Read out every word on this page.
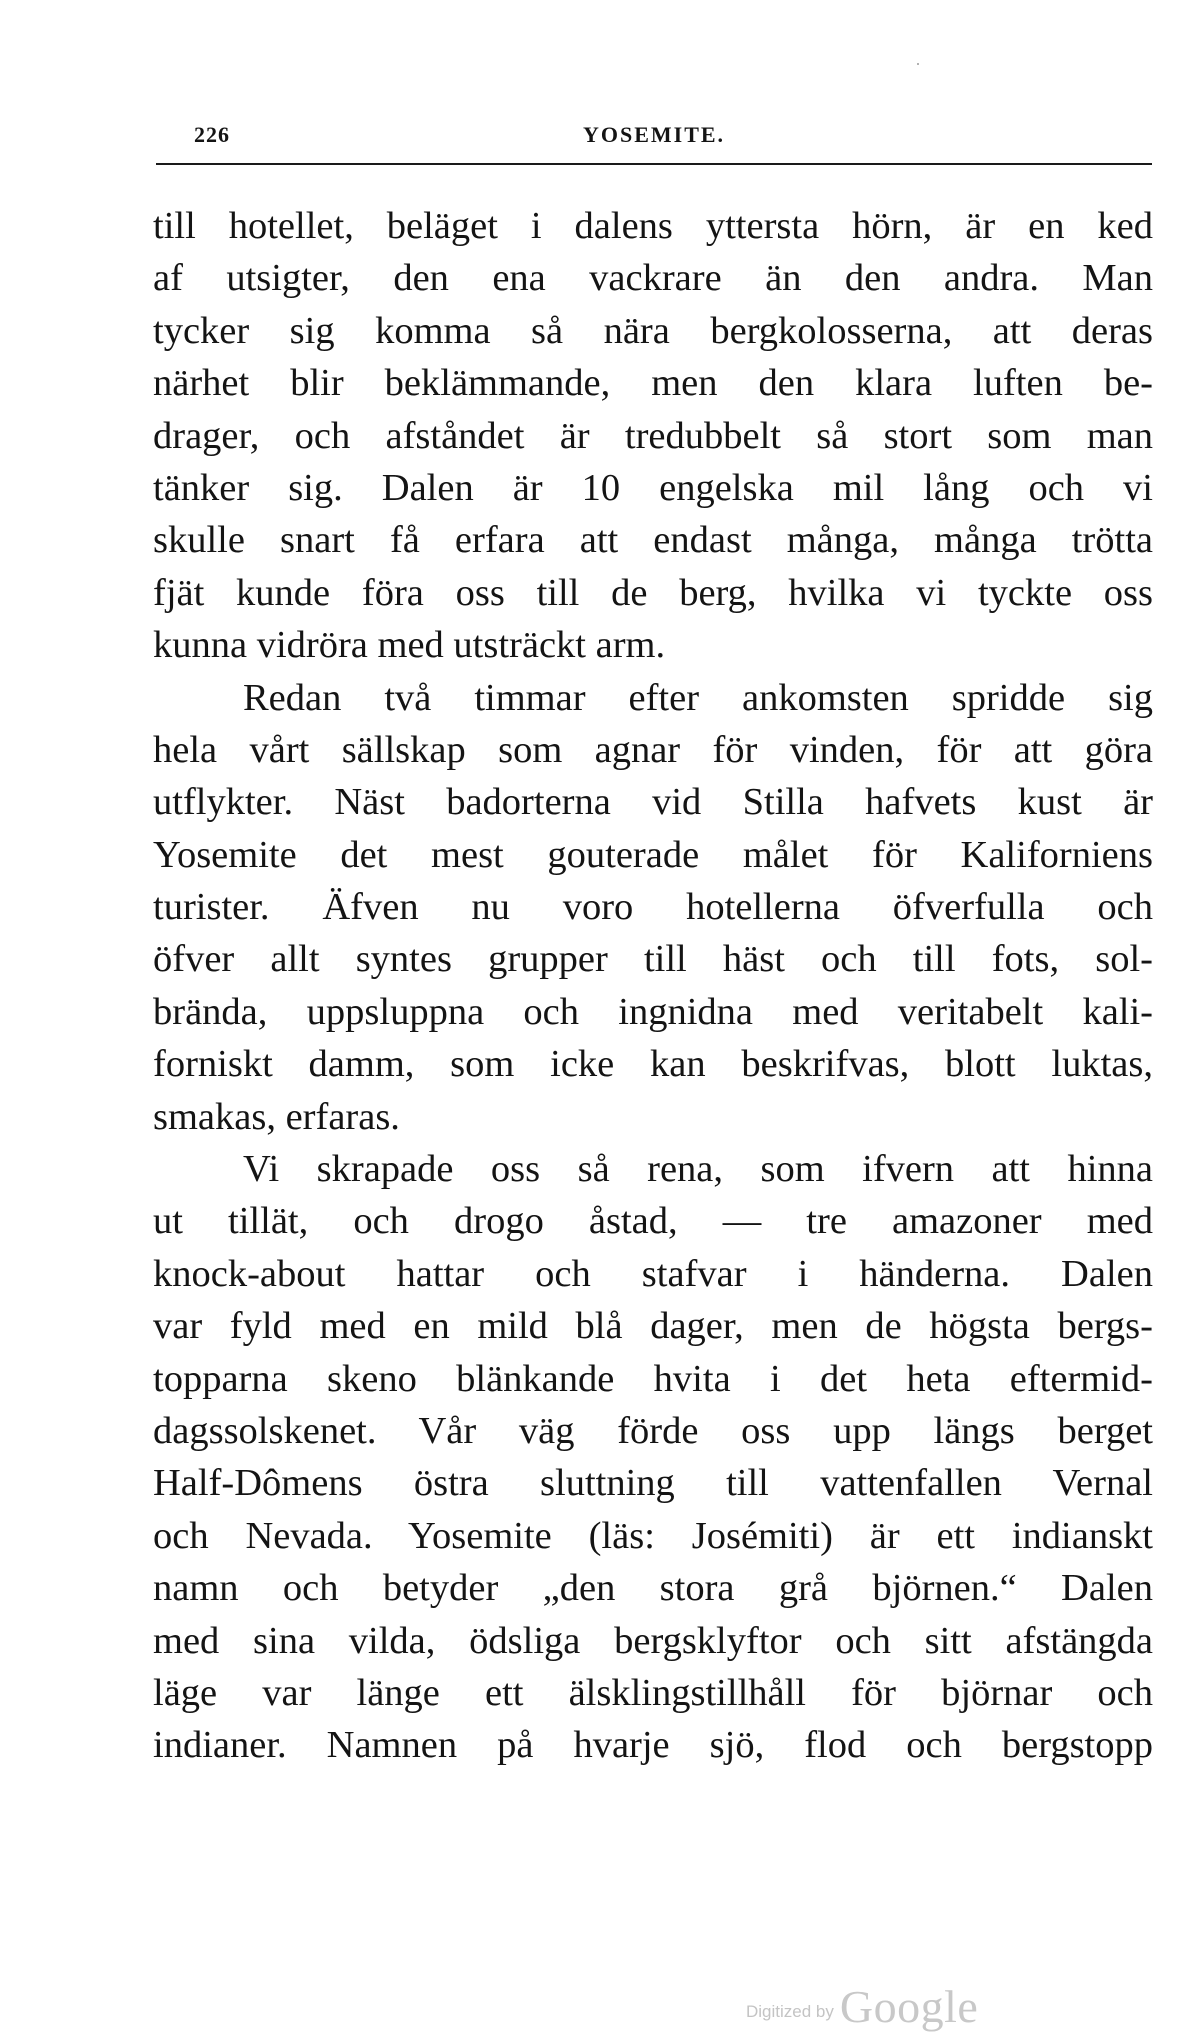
226	YOSEMITE.
till hotellet, beläget i dalens yttersta hörn, är en ked
af utsigter, den ena vackrare än den andra. Man
tycker sig komma så nära bergkolosserna, att deras
närhet blir beklämmande, men den klara luften be-
drager, och afståndet är tredubbelt så stort som man
tänker sig. Dalen är 10 engelska mil lång och vi
skulle snart få erfara att endast många, många trötta
fjät kunde föra oss till de berg, hvilka vi tyckte oss
kunna vidröra med utsträckt arm.
Redan två timmar efter ankomsten spridde sig
hela vårt sällskap som agnar för vinden, för att göra
utflykter. Näst badorterna vid Stilla hafvets kust är
Yosemite det mest gouterade målet för Kaliforniens
turister. Äfven nu voro hotellerna öfverfulla och
öfver allt syntes grupper till häst och till fots, sol-
brända, uppsluppna och ingnidna med veritabelt kali-
forniskt damm, som icke kan beskrifvas, blott luktas,
smakas, erfaras.
Vi skrapade oss så rena, som ifvern att hinna
ut tillät, och drogo åstad, — tre amazoner med
knock-about hattar och stafvar i händerna. Dalen
var fyld med en mild blå dager, men de högsta bergs-
topparna skeno blänkande hvita i det heta eftermid-
dagssolskenet. Vår väg förde oss upp längs berget
Half-Dômens östra sluttning till vattenfallen Vernal
och Nevada. Yosemite (läs: Josémiti) är ett indianskt
namn och betyder „den stora grå björnen.“ Dalen
med sina vilda, ödsliga bergsklyftor och sitt afstängda
läge var länge ett älsklingstillhåll för björnar och
indianer. Namnen på hvarje sjö, flod och bergstopp
Digitized by Google
